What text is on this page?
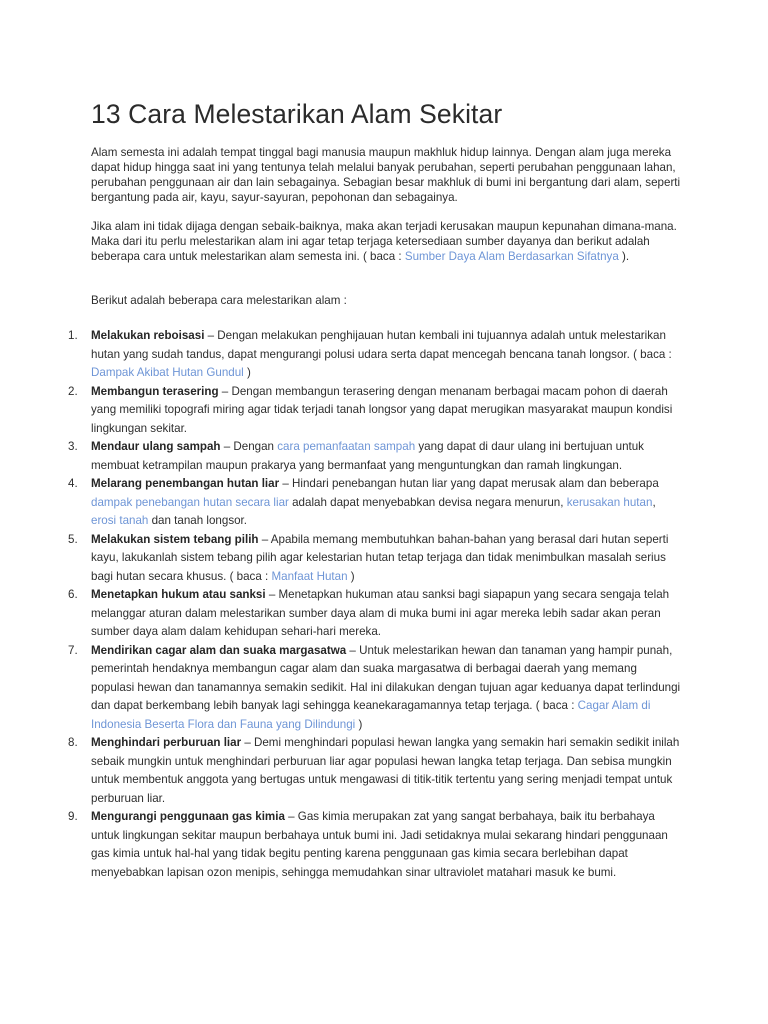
13 Cara Melestarikan Alam Sekitar

Alam semesta ini adalah tempat tinggal bagi manusia maupun makhluk hidup lainnya. Dengan alam juga mereka dapat hidup hingga saat ini yang tentunya telah melalui banyak perubahan, seperti perubahan penggunaan lahan, perubahan penggunaan air dan lain sebagainya. Sebagian besar makhluk di bumi ini bergantung dari alam, seperti bergantung pada air, kayu, sayur-sayuran, pepohonan dan sebagainya.

Jika alam ini tidak dijaga dengan sebaik-baiknya, maka akan terjadi kerusakan maupun kepunahan dimana-mana. Maka dari itu perlu melestarikan alam ini agar tetap terjaga ketersediaan sumber dayanya dan berikut adalah beberapa cara untuk melestarikan alam semesta ini. ( baca : Sumber Daya Alam Berdasarkan Sifatnya ).

Berikut adalah beberapa cara melestarikan alam :

1. Melakukan reboisasi – Dengan melakukan penghijauan hutan kembali ini tujuannya adalah untuk melestarikan hutan yang sudah tandus, dapat mengurangi polusi udara serta dapat mencegah bencana tanah longsor. ( baca : Dampak Akibat Hutan Gundul )
2. Membangun terasering – Dengan membangun terasering dengan menanam berbagai macam pohon di daerah yang memiliki topografi miring agar tidak terjadi tanah longsor yang dapat merugikan masyarakat maupun kondisi lingkungan sekitar.
3. Mendaur ulang sampah – Dengan cara pemanfaatan sampah yang dapat di daur ulang ini bertujuan untuk membuat ketrampilan maupun prakarya yang bermanfaat yang menguntungkan dan ramah lingkungan.
4. Melarang penembangan hutan liar – Hindari penebangan hutan liar yang dapat merusak alam dan beberapa dampak penebangan hutan secara liar adalah dapat menyebabkan devisa negara menurun, kerusakan hutan, erosi tanah dan tanah longsor.
5. Melakukan sistem tebang pilih – Apabila memang membutuhkan bahan-bahan yang berasal dari hutan seperti kayu, lakukanlah sistem tebang pilih agar kelestarian hutan tetap terjaga dan tidak menimbulkan masalah serius bagi hutan secara khusus. ( baca : Manfaat Hutan )
6. Menetapkan hukum atau sanksi – Menetapkan hukuman atau sanksi bagi siapapun yang secara sengaja telah melanggar aturan dalam melestarikan sumber daya alam di muka bumi ini agar mereka lebih sadar akan peran sumber daya alam dalam kehidupan sehari-hari mereka.
7. Mendirikan cagar alam dan suaka margasatwa – Untuk melestarikan hewan dan tanaman yang hampir punah, pemerintah hendaknya membangun cagar alam dan suaka margasatwa di berbagai daerah yang memang populasi hewan dan tanamannya semakin sedikit. Hal ini dilakukan dengan tujuan agar keduanya dapat terlindungi dan dapat berkembang lebih banyak lagi sehingga keanekaragamannya tetap terjaga. ( baca : Cagar Alam di Indonesia Beserta Flora dan Fauna yang Dilindungi )
8. Menghindari perburuan liar – Demi menghindari populasi hewan langka yang semakin hari semakin sedikit inilah sebaik mungkin untuk menghindari perburuan liar agar populasi hewan langka tetap terjaga. Dan sebisa mungkin untuk membentuk anggota yang bertugas untuk mengawasi di titik-titik tertentu yang sering menjadi tempat untuk perburuan liar.
9. Mengurangi penggunaan gas kimia – Gas kimia merupakan zat yang sangat berbahaya, baik itu berbahaya untuk lingkungan sekitar maupun berbahaya untuk bumi ini. Jadi setidaknya mulai sekarang hindari penggunaan gas kimia untuk hal-hal yang tidak begitu penting karena penggunaan gas kimia secara berlebihan dapat menyebabkan lapisan ozon menipis, sehingga memudahkan sinar ultraviolet matahari masuk ke bumi.
